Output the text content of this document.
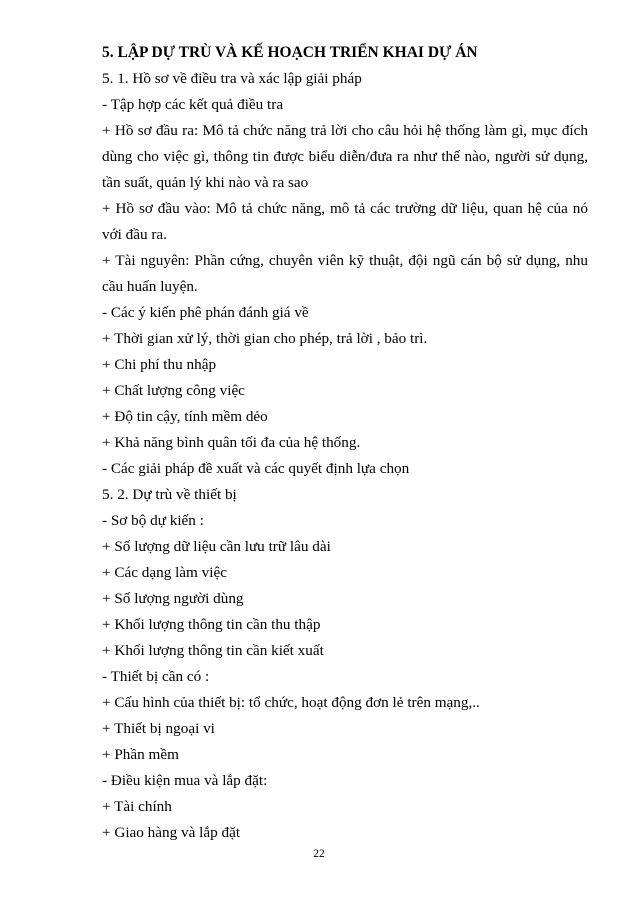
5. LẬP DỰ TRÙ VÀ KẾ HOẠCH TRIỂN KHAI DỰ ÁN
5. 1. Hồ sơ về điều tra và xác lập giải pháp
- Tập hợp các kết quả điều tra
+ Hồ sơ đầu ra: Mô tả chức năng trả lời cho câu hỏi hệ thống làm gì, mục đích dùng cho việc gì, thông tin được biểu diễn/đưa ra như thế nào, người sử dụng, tần suất, quản lý khi nào và ra sao
+ Hồ sơ đầu vào: Mô tả chức năng, mô tả các trường dữ liệu, quan hệ của nó với đầu ra.
+ Tài nguyên: Phần cứng, chuyên viên kỹ thuật, đội ngũ cán bộ sử dụng, nhu cầu huấn luyện.
- Các ý kiến phê phán đánh giá về
+ Thời gian xử lý, thời gian cho phép, trả lời , bảo trì.
+ Chi phí thu nhập
+ Chất lượng công việc
+ Độ tin cậy, tính mềm dẻo
+ Khả năng bình quân tối đa của hệ thống.
- Các giải pháp đề xuất và các quyết định lựa chọn
5. 2. Dự trù về thiết bị
- Sơ bộ dự kiến :
+ Số lượng dữ liệu cần lưu trữ lâu dài
+ Các dạng làm việc
+ Số lượng người dùng
+ Khối lượng thông tin cần thu thập
+ Khối lượng thông tin cần kiết xuất
- Thiết bị cần có :
+ Cấu hình của thiết bị: tổ chức, hoạt động đơn lẻ trên mạng,..
+ Thiết bị ngoại vi
+ Phần mềm
- Điều kiện mua và lắp đặt:
+ Tài chính
+ Giao hàng và lắp đặt
22
